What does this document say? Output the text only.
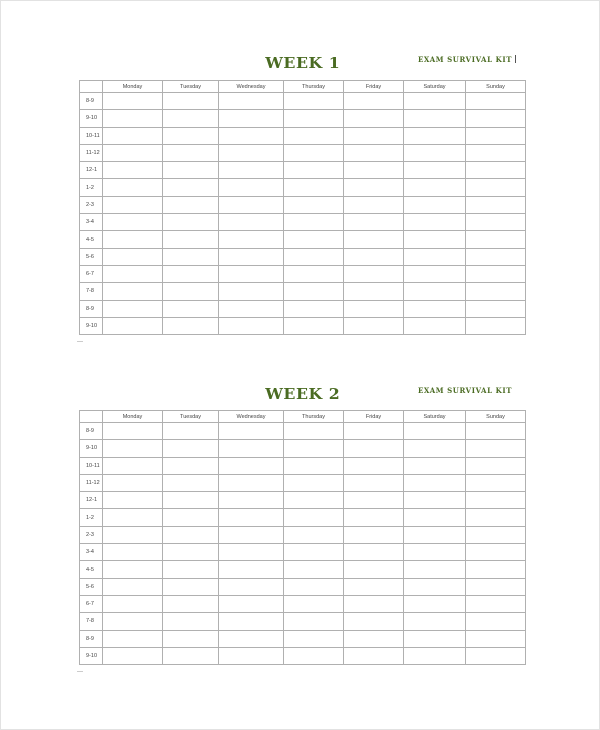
WEEK 1	EXAM SURVIVAL KIT
	Monday	Tuesday	Wednesday	Thursday	Friday	Saturday	Sunday
8-9							
9-10							
10-11							
11-12							
12-1							
1-2							
2-3							
3-4							
4-5							
5-6							
6-7							
7-8							
8-9							
9-10							
WEEK 2	EXAM SURVIVAL KIT
	Monday	Tuesday	Wednesday	Thursday	Friday	Saturday	Sunday
8-9							
9-10							
10-11							
11-12							
12-1							
1-2							
2-3							
3-4							
4-5							
5-6							
6-7							
7-8							
8-9							
9-10							
